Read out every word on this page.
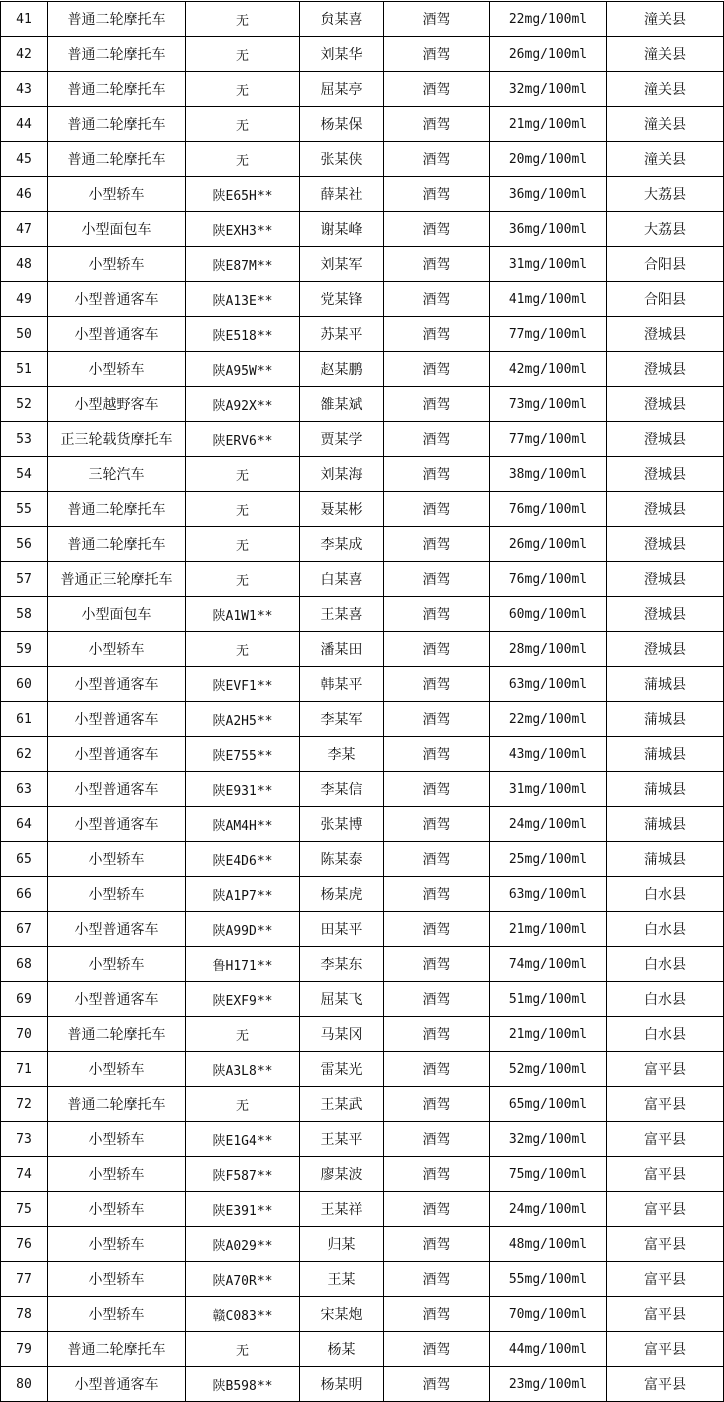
41	普通二轮摩托车	无	贠某喜	酒驾	22mg/100ml	潼关县
42	普通二轮摩托车	无	刘某华	酒驾	26mg/100ml	潼关县
43	普通二轮摩托车	无	屈某亭	酒驾	32mg/100ml	潼关县
44	普通二轮摩托车	无	杨某保	酒驾	21mg/100ml	潼关县
45	普通二轮摩托车	无	张某侠	酒驾	20mg/100ml	潼关县
46	小型轿车	陕E65H**	薛某社	酒驾	36mg/100ml	大荔县
47	小型面包车	陕EXH3**	谢某峰	酒驾	36mg/100ml	大荔县
48	小型轿车	陕E87M**	刘某军	酒驾	31mg/100ml	合阳县
49	小型普通客车	陕A13E**	党某锋	酒驾	41mg/100ml	合阳县
50	小型普通客车	陕E518**	苏某平	酒驾	77mg/100ml	澄城县
51	小型轿车	陕A95W**	赵某鹏	酒驾	42mg/100ml	澄城县
52	小型越野客车	陕A92X**	雒某斌	酒驾	73mg/100ml	澄城县
53	正三轮载货摩托车	陕ERV6**	贾某学	酒驾	77mg/100ml	澄城县
54	三轮汽车	无	刘某海	酒驾	38mg/100ml	澄城县
55	普通二轮摩托车	无	聂某彬	酒驾	76mg/100ml	澄城县
56	普通二轮摩托车	无	李某成	酒驾	26mg/100ml	澄城县
57	普通正三轮摩托车	无	白某喜	酒驾	76mg/100ml	澄城县
58	小型面包车	陕A1W1**	王某喜	酒驾	60mg/100ml	澄城县
59	小型轿车	无	潘某田	酒驾	28mg/100ml	澄城县
60	小型普通客车	陕EVF1**	韩某平	酒驾	63mg/100ml	蒲城县
61	小型普通客车	陕A2H5**	李某军	酒驾	22mg/100ml	蒲城县
62	小型普通客车	陕E755**	李某	酒驾	43mg/100ml	蒲城县
63	小型普通客车	陕E931**	李某信	酒驾	31mg/100ml	蒲城县
64	小型普通客车	陕AM4H**	张某博	酒驾	24mg/100ml	蒲城县
65	小型轿车	陕E4D6**	陈某泰	酒驾	25mg/100ml	蒲城县
66	小型轿车	陕A1P7**	杨某虎	酒驾	63mg/100ml	白水县
67	小型普通客车	陕A99D**	田某平	酒驾	21mg/100ml	白水县
68	小型轿车	鲁H171**	李某东	酒驾	74mg/100ml	白水县
69	小型普通客车	陕EXF9**	屈某飞	酒驾	51mg/100ml	白水县
70	普通二轮摩托车	无	马某冈	酒驾	21mg/100ml	白水县
71	小型轿车	陕A3L8**	雷某光	酒驾	52mg/100ml	富平县
72	普通二轮摩托车	无	王某武	酒驾	65mg/100ml	富平县
73	小型轿车	陕E1G4**	王某平	酒驾	32mg/100ml	富平县
74	小型轿车	陕F587**	廖某波	酒驾	75mg/100ml	富平县
75	小型轿车	陕E391**	王某祥	酒驾	24mg/100ml	富平县
76	小型轿车	陕A029**	归某	酒驾	48mg/100ml	富平县
77	小型轿车	陕A70R**	王某	酒驾	55mg/100ml	富平县
78	小型轿车	赣C083**	宋某炮	酒驾	70mg/100ml	富平县
79	普通二轮摩托车	无	杨某	酒驾	44mg/100ml	富平县
80	小型普通客车	陕B598**	杨某明	酒驾	23mg/100ml	富平县
